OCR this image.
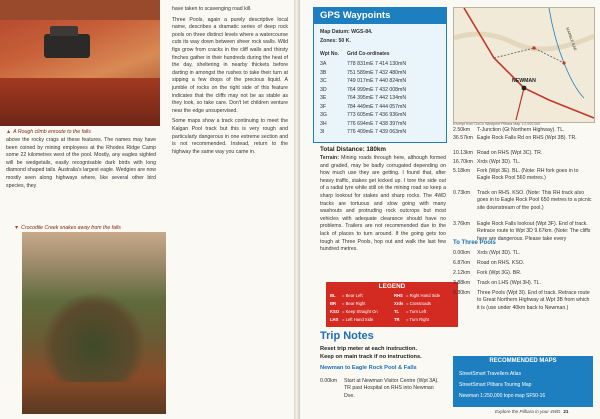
▲ A Rough climb enroute to the falls

above the rocky crags at these features. The names may have been coined by mining employees at the Rhodes Ridge Camp some 22 kilometres west of the pool. Mostly, any eagles sighted will be wedgetails, easily recognisable dark birds with long diamond shaped tails. Australia's largest eagle. Wedgies are now mostly seen along highways where, like several other bird species, they

▼ Crocodile Creek snakes away from the falls

have taken to scavenging road kill.

Three Pools, again a purely descriptive local name, describes a dramatic series of deep rock pools on three distinct levels where a watercourse cuts its way down between sheer rock walls. Wild figs grow from cracks in the cliff walls and thirsty finches gather in their hundreds during the heat of the day, sheltering in nearby thickets before darting in amongst the rushes to take their turn at sipping a few drops of the precious liquid. A jumble of rocks on the right side of this feature indicates that the cliffs may not be as stable as they look, so take care. Don't let children venture near the edge unsupervised.

Some maps show a track continuing to meet the Kalgan Pool track but this is very rough and particularly dangerous in one extreme section and is not recommended. Instead, return to the highway the same way you came in.

GPS Waypoints
Map Datum: WGS-84.
Zones: 50 K.
Wpt No. Grid Co-ordinates
3A	778 831mE 7 414 130mN
3B	751 589mE 7 432 480mN
3C	749 017mE 7 440 824mN
3D	764 999mE 7 432 008mN
3E	764 395mE 7 442 134mN
3F	784 449mE 7 444 057mN
3G	773 605mE 7 436 936mN
3H	776 694mE 7 438 397mN
3I	776 409mE 7 439 063mN
NEWMAN
MARBLE BAR
Excerpt from GoGo Westprint Pilbara Map 1:2,000,000
Total Distance: 180km
Terrain: Mining roads through here, although formed and graded, may be badly corrugated depending on how much use they are getting. I found that, after heavy traffic, stakes get kicked up. I tore the side out of a radial tyre while still on the mining road so keep a sharp lookout for stakes and sharp rocks. The 4WD tracks are tortuous and slow going with many washouts and protruding rock outcrops but most vehicles with adequate clearance should have no problems. Trailers are not recommended due to the lack of places to turn around. If the going gets too tough at Three Pools, hop out and walk the last few hundred metres.
LEGEND
BL = Bear Left	RHS = Right Hand Side
BR = Bear Right	Xrds = Crossroads
KSO = Keep Straight On	TL = Turn Left
LHS = Left Hand Side	TR = Turn Right
Trip Notes
Reset trip meter at each instruction.
Keep on main track if no instructions.
Newman to Eagle Rock Pool & Falls
0.00km	Start at Newman Visitor Centre (Wpt 3A). TR past Hospital on RHS into Newman Dve.
2.50km	T-Junction (Gt Northern Highway). TL.
36.57km Eagle Rock Falls Rd on RHS (Wpt 3B). TR.
10.13km Road on RHS (Wpt 3C). TR.
16.70km Xrds (Wpt 3D). TL.
5.18km	Fork (Wpt 3E). BL. (Note: RH fork goes in to Eagle Rock Pool 560 metres.)
0.73km	Track on RHS. KSO. (Note: This RH track also goes in to Eagle Rock Pool 650 metres to a picnic site downstream of the pool.)
3.76km	Eagle Rock Falls lookout (Wpt 3F). End of track. Retrace route to Wpt 3D 9.67km. (Note: The cliffs here are dangerous. Please take every
To Three Pools
0.00km	Xrds (Wpt 3D). TL.
6.87km	Road on RHS. KSO.
2.12km	Fork (Wpt 3G). BR.
3.88km	Track on LHS (Wpt 3H). TL.
0.80km	Three Pools (Wpt 3I). End of track. Retrace route to Great Northern Highway at Wpt 3B from which it is (use under 40km back to Newman.)
RECOMMENDED MAPS
StreetSmart Travellers Atlas
StreetSmart Pilbara Touring Map
Newman 1:250,000 topo map SF50-16
Explore the Pilbara in your 4WD 21
